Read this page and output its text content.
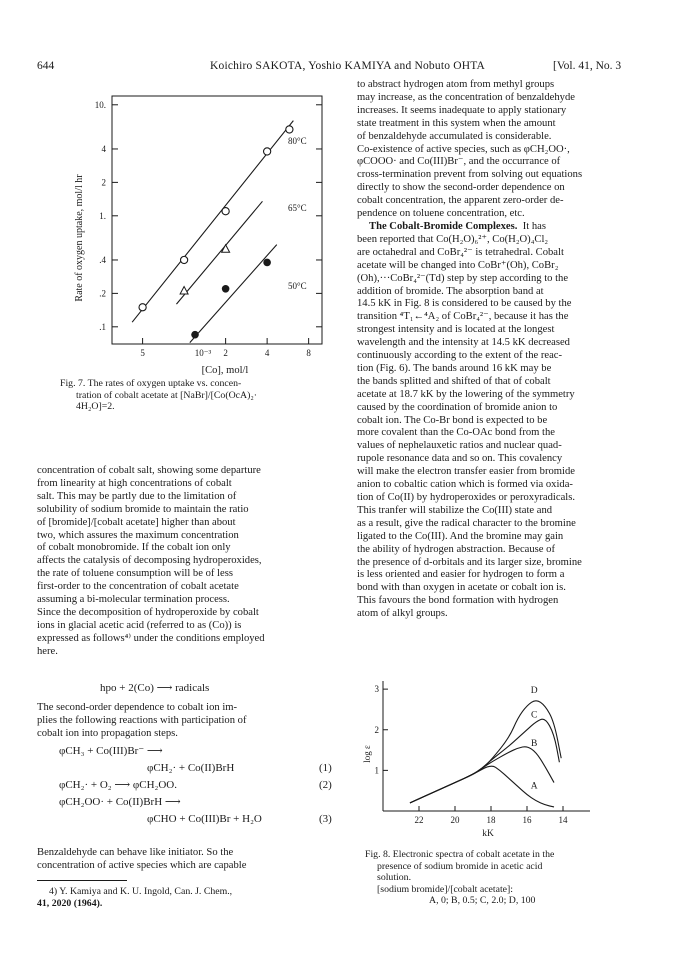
644	Koichiro SAKOTA, Yoshio KAMIYA and Nobuto OHTA	[Vol. 41, No. 3
10.
4
2
1.
.4
.2
.1
5	2	4	8
Rate of oxygen uptake, mol/l hr
10⁻³
[Co], mol/l
80°C
65°C
50°C
Fig. 7. The rates of oxygen uptake vs. concen-
tration of cobalt acetate at [NaBr]/[Co(OcA)₂·
4H₂O]=2.
to abstract hydrogen atom from methyl groups
may increase, as the concentration of benzaldehyde
increases. It seems inadequate to apply stationary
state treatment in this system when the amount
of benzaldehyde accumulated is considerable.
Co-existence of active species, such as φCH₂OO·,
φCOOO· and Co(III)Br⁻, and the occurrance of
cross-termination prevent from solving out equations
directly to show the second-order dependence on
cobalt concentration, the apparent zero-order de-
pendence on toluene concentration, etc.
The Cobalt-Bromide Complexes. It has
been reported that Co(H₂O)₆²⁺, Co(H₂O)₄Cl₂
are octahedral and CoBr₄²⁻ is tetrahedral. Cobalt
acetate will be changed into CoBr⁺(Oh), CoBr₂
(Oh),···CoBr₄²⁻(Td) step by step according to the
addition of bromide. The absorption band at
14.5 kK in Fig. 8 is considered to be caused by the
transition ⁴T₁←⁴A₂ of CoBr₄²⁻, because it has the
strongest intensity and is located at the longest
wavelength and the intensity at 14.5 kK decreased
continuously according to the extent of the reac-
tion (Fig. 6). The bands around 16 kK may be
the bands splitted and shifted of that of cobalt
acetate at 18.7 kK by the lowering of the symmetry
caused by the coordination of bromide anion to
cobalt ion. The Co-Br bond is expected to be
more covalent than the Co-OAc bond from the
values of nephelauxetic ratios and nuclear quad-
rupole resonance data and so on. This covalency
will make the electron transfer easier from bromide
anion to cobaltic cation which is formed via oxida-
tion of Co(II) by hydroperoxides or peroxyradicals.
This tranfer will stabilize the Co(III) state and
as a result, give the radical character to the bromine
ligated to the Co(III). And the bromine may gain
the ability of hydrogen abstraction. Because of
the presence of d-orbitals and its larger size, bromine
is less oriented and easier for hydrogen to form a
bond with than oxygen in acetate or cobalt ion is.
This favours the bond formation with hydrogen
atom of alkyl groups.
concentration of cobalt salt, showing some departure
from linearity at high concentrations of cobalt
salt. This may be partly due to the limitation of
solubility of sodium bromide to maintain the ratio
of [bromide]/[cobalt acetate] higher than about
two, which assures the maximum concentration
of cobalt monobromide. If the cobalt ion only
affects the catalysis of decomposing hydroperoxides,
the rate of toluene consumption will be of less
first-order to the concentration of cobalt acetate
assuming a bi-molecular termination process.
Since the decomposition of hydroperoxide by cobalt
ions in glacial acetic acid (referred to as (Co)) is
expressed as follows⁴⁾ under the conditions employed
here.
hpo + 2(Co) ⟶ radicals
The second-order dependence to cobalt ion im-
plies the following reactions with participation of
cobalt ion into propagation steps.
φCH₃ + Co(III)Br⁻ ⟶
φCH₂· + Co(II)BrH	(1)
φCH₂· + O₂ ⟶ φCH₂OO.	(2)
φCH₂OO· + Co(II)BrH ⟶
φCHO + Co(III)Br + H₂O	(3)
Benzaldehyde can behave like initiator. So the
concentration of active species which are capable
4) Y. Kamiya and K. U. Ingold, Can. J. Chem.,
41, 2020 (1964).
3
2
1
22	20	18	16	14
A
B
C
D
log ε
kK
Fig. 8. Electronic spectra of cobalt acetate in the
presence of sodium bromide in acetic acid
solution.
[sodium bromide]/[cobalt acetate]:
A, 0; B, 0.5; C, 2.0; D, 100
